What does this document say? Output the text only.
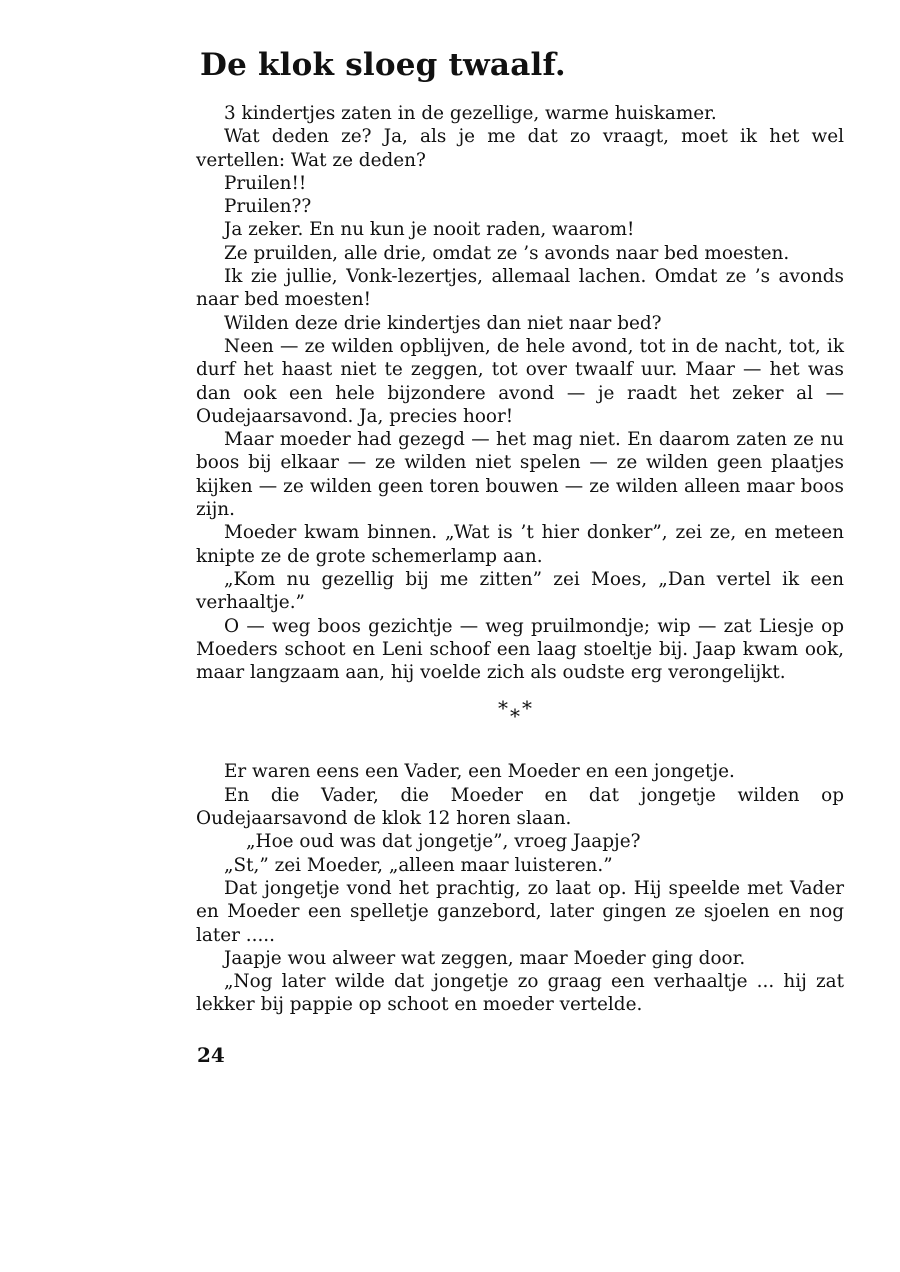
De klok sloeg twaalf.

3 kindertjes zaten in de gezellige, warme huiskamer.

Wat deden ze? Ja, als je me dat zo vraagt, moet ik het wel vertellen: Wat ze deden?

Pruilen!!

Pruilen??

Ja zeker. En nu kun je nooit raden, waarom!

Ze pruilden, alle drie, omdat ze ’s avonds naar bed moesten.

Ik zie jullie, Vonk-lezertjes, allemaal lachen. Omdat ze ’s avonds naar bed moesten!

Wilden deze drie kindertjes dan niet naar bed?

Neen — ze wilden opblijven, de hele avond, tot in de nacht, tot, ik durf het haast niet te zeggen, tot over twaalf uur. Maar — het was dan ook een hele bijzondere avond — je raadt het zeker al — Oudejaarsavond. Ja, precies hoor!

Maar moeder had gezegd — het mag niet. En daarom zaten ze nu boos bij elkaar — ze wilden niet spelen — ze wilden geen plaatjes kijken — ze wilden geen toren bouwen — ze wilden alleen maar boos zijn.

Moeder kwam binnen. „Wat is ’t hier donker”, zei ze, en meteen knipte ze de grote schemerlamp aan.

„Kom nu gezellig bij me zitten” zei Moes, „Dan vertel ik een verhaaltje.”

O — weg boos gezichtje — weg pruilmondje; wip — zat Liesje op Moeders schoot en Leni schoof een laag stoeltje bij. Jaap kwam ook, maar langzaam aan, hij voelde zich als oudste erg verongelijkt.

* * *

Er waren eens een Vader, een Moeder en een jongetje.

En die Vader, die Moeder en dat jongetje wilden op Oudejaarsavond de klok 12 horen slaan.

„Hoe oud was dat jongetje”, vroeg Jaapje?

„St,” zei Moeder, „alleen maar luisteren.”

Dat jongetje vond het prachtig, zo laat op. Hij speelde met Vader en Moeder een spelletje ganzebord, later gingen ze sjoelen en nog later .....

Jaapje wou alweer wat zeggen, maar Moeder ging door.

„Nog later wilde dat jongetje zo graag een verhaaltje ... hij zat lekker bij pappie op schoot en moeder vertelde.

24
